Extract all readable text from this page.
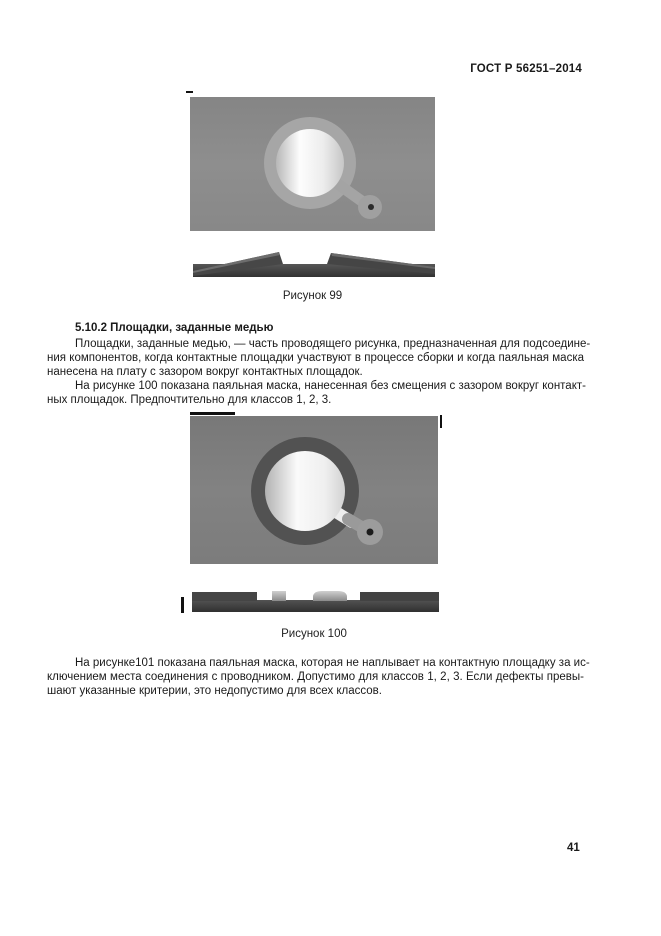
ГОСТ Р 56251–2014
Рисунок 99
5.10.2 Площадки, заданные медью
Площадки, заданные медью, — часть проводящего рисунка, предназначенная для подсоедине-
ния компонентов, когда контактные площадки участвуют в процессе сборки и когда паяльная маска
нанесена на плату с зазором вокруг контактных площадок.
На рисунке 100 показана паяльная маска, нанесенная без смещения с зазором вокруг контакт-
ных площадок. Предпочтительно для классов 1, 2, 3.
Рисунок 100
На рисунке101 показана паяльная маска, которая не наплывает на контактную площадку за ис-
ключением места соединения с проводником. Допустимо для классов 1, 2, 3. Если дефекты превы-
шают указанные критерии, это недопустимо для всех классов.
41
